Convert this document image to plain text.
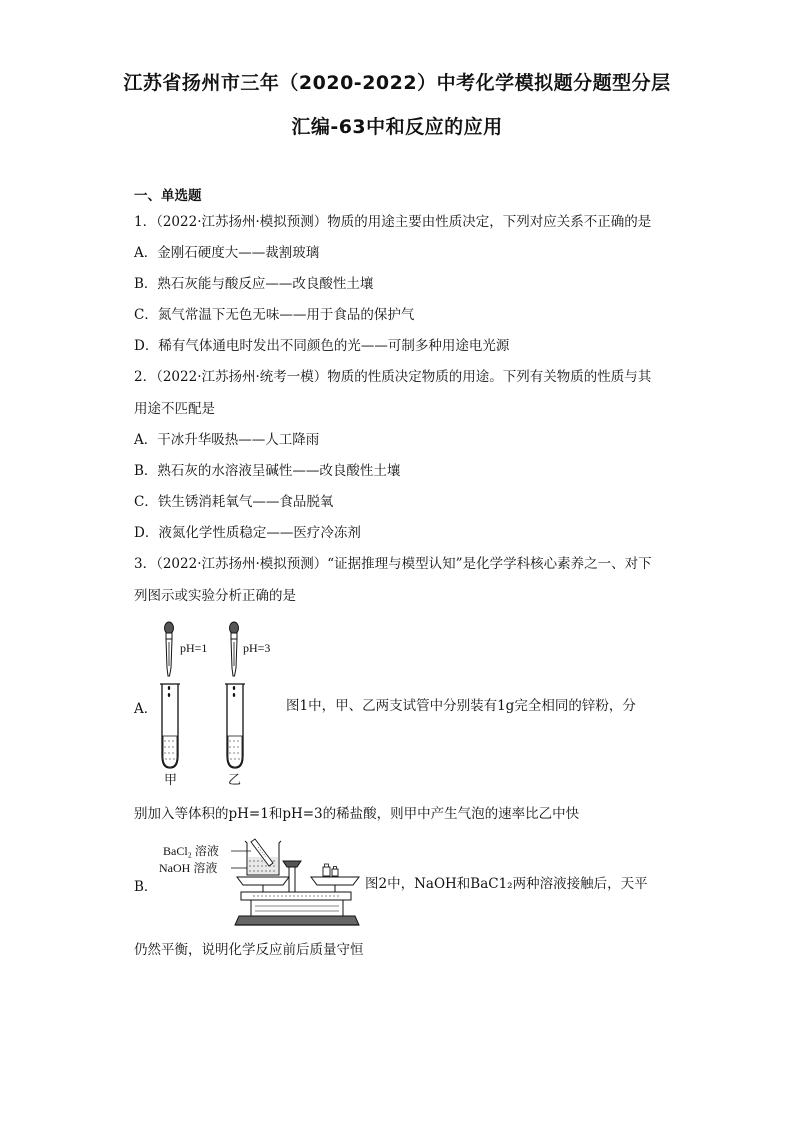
江苏省扬州市三年（2020-2022）中考化学模拟题分题型分层
汇编-63中和反应的应用
一、单选题
1．（2022·江苏扬州·模拟预测）物质的用途主要由性质决定，下列对应关系不正确的是
A．金刚石硬度大——裁割玻璃
B．熟石灰能与酸反应——改良酸性土壤
C．氮气常温下无色无味——用于食品的保护气
D．稀有气体通电时发出不同颜色的光——可制多种用途电光源
2．（2022·江苏扬州·统考一模）物质的性质决定物质的用途。下列有关物质的性质与其
用途不匹配是
A．干冰升华吸热——人工降雨
B．熟石灰的水溶液呈碱性——改良酸性土壤
C．铁生锈消耗氧气——食品脱氧
D．液氮化学性质稳定——医疗冷冻剂
3．（2022·江苏扬州·模拟预测）“证据推理与模型认知”是化学学科核心素养之一、对下
列图示或实验分析正确的是
A．
pH=1	pH=3
甲	乙
图1中，甲、乙两支试管中分别装有1g完全相同的锌粉，分
别加入等体积的pH=1和pH=3的稀盐酸，则甲中产生气泡的速率比乙中快
B．
BaCl₂ 溶液
NaOH 溶液
图2中，NaOH和BaC1₂两种溶液接触后，天平
仍然平衡，说明化学反应前后质量守恒
